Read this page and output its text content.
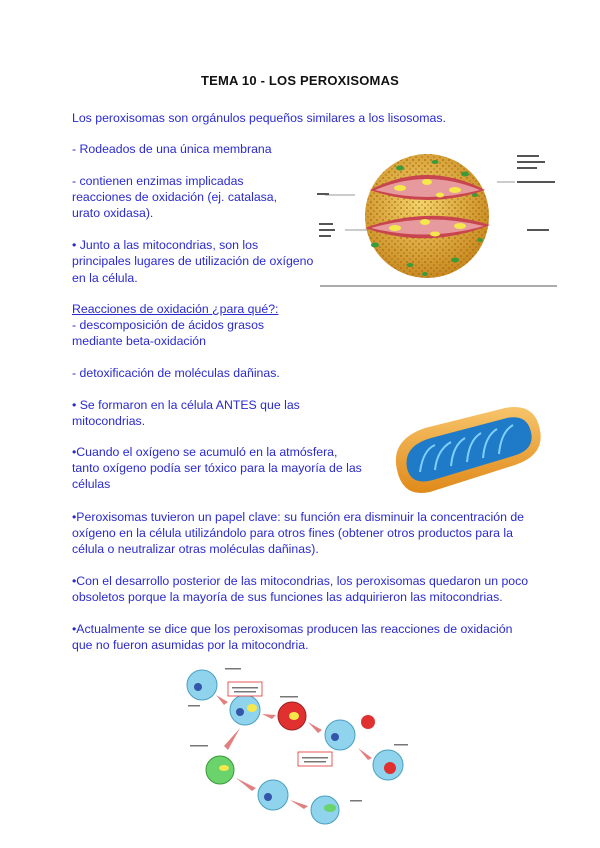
TEMA 10 - LOS PEROXISOMAS

Los peroxisomas son orgánulos pequeños similares a los lisosomas.

- Rodeados de una única membrana

- contienen enzimas implicadas

reacciones de oxidación (ej. catalasa,

urato oxidasa).

• Junto a las mitocondrias, son los

principales lugares de utilización de oxígeno

en la célula.

Reacciones de oxidación ¿para qué?:

- descomposición de ácidos grasos

mediante beta-oxidación

- detoxificación de moléculas dañinas.

• Se formaron en la célula ANTES que las

mitocondrias.

•Cuando el oxígeno se acumuló en la atmósfera,

tanto oxígeno podía ser tóxico para la mayoría de las

células

•Peroxisomas tuvieron un papel clave: su función era disminuir la concentración de

oxígeno en la célula utilizándolo para otros fines (obtener otros productos para la

célula o neutralizar otras moléculas dañinas).

•Con el desarrollo posterior de las mitocondrias, los peroxisomas quedaron un poco

obsoletos porque la mayoría de sus funciones las adquirieron las mitocondrias.

•Actualmente se dice que los peroxisomas producen las reacciones de oxidación

que no fueron asumidas por la mitocondria.
